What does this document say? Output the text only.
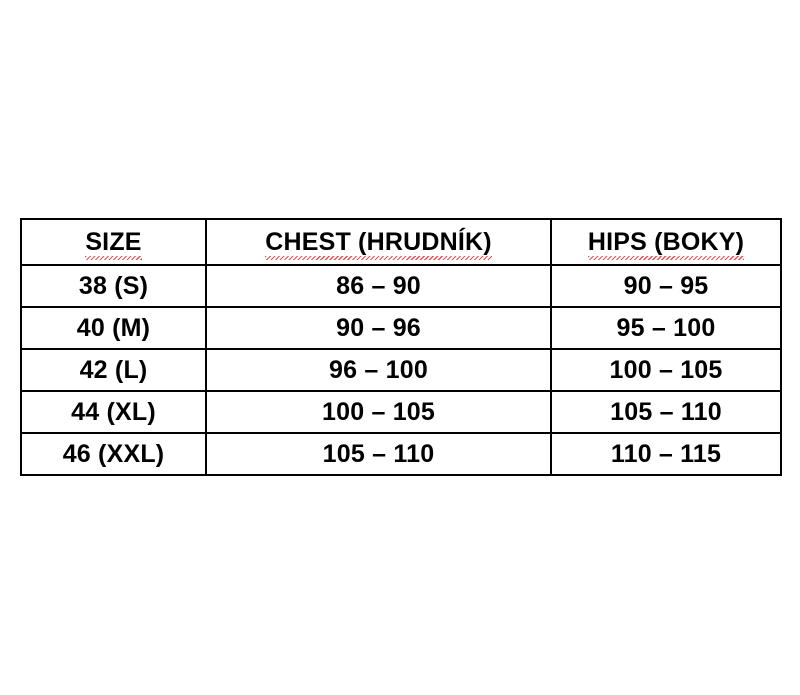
SIZE	CHEST (HRUDNÍK)	HIPS (BOKY)
38 (S)	86 – 90	90 – 95
40 (M)	90 – 96	95 – 100
42 (L)	96 – 100	100 – 105
44 (XL)	100 – 105	105 – 110
46 (XXL)	105 – 110	110 – 115
